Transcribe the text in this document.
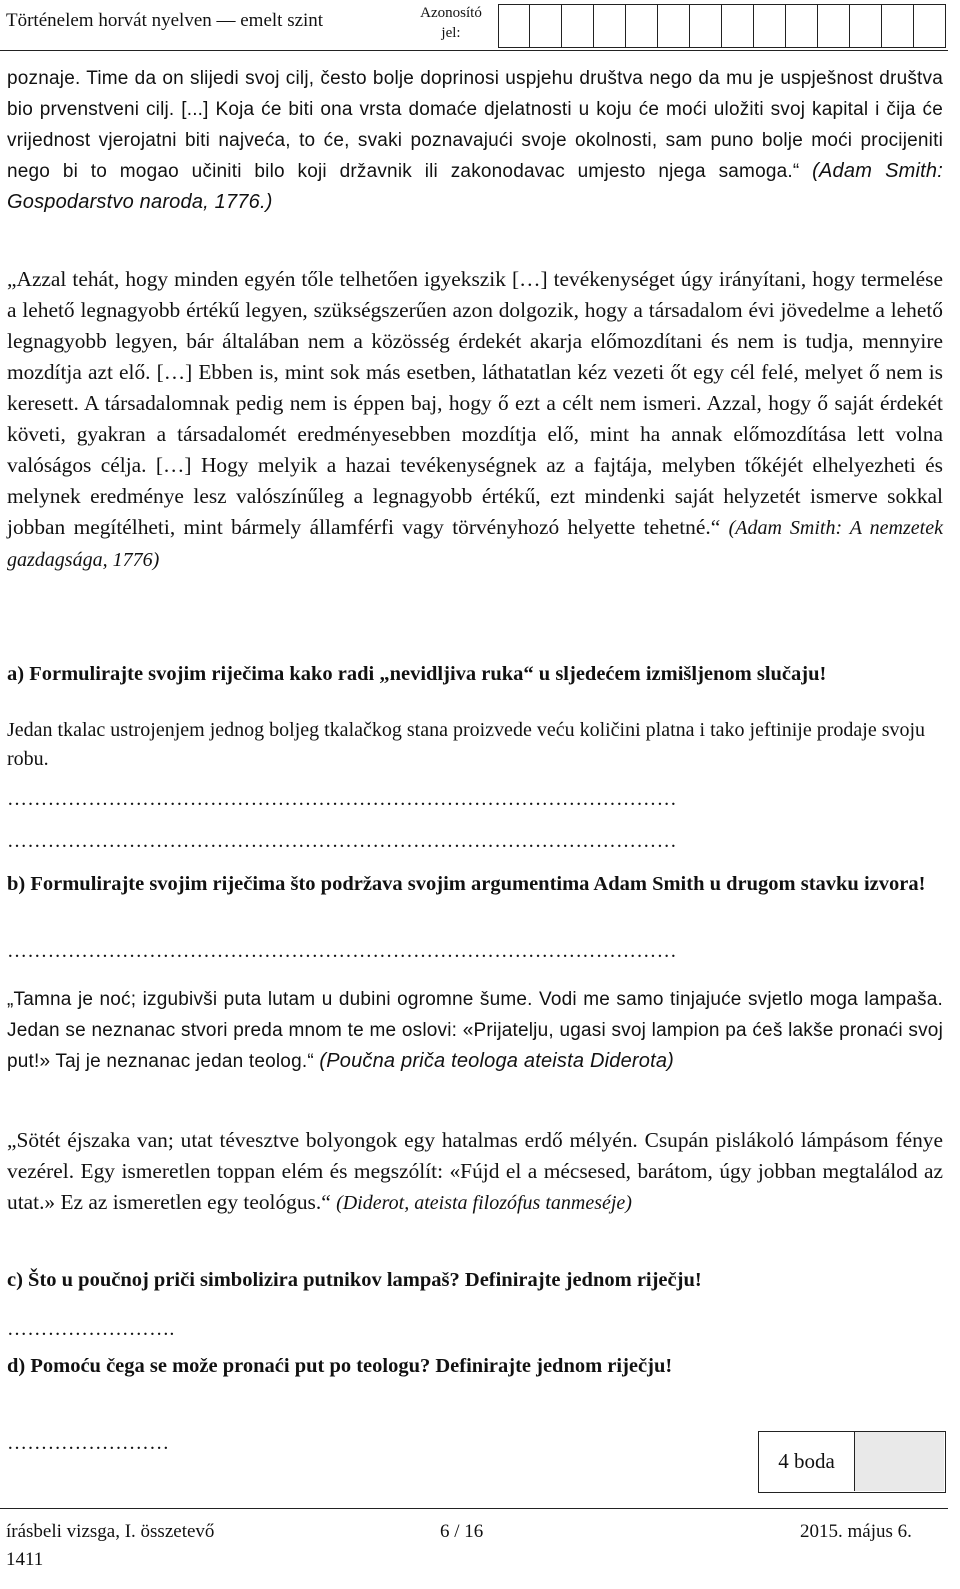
Történelem horvát nyelven — emelt szint	Azonosító jel:
poznaje. Time da on slijedi svoj cilj, često bolje doprinosi uspjehu društva nego da mu je uspješnost društva bio prvenstveni cilj. [...] Koja će biti ona vrsta domaće djelatnosti u koju će moći uložiti svoj kapital i čija će vrijednost vjerojatni biti najveća, to će, svaki poznavajući svoje okolnosti, sam puno bolje moći procijeniti nego bi to mogao učiniti bilo koji državnik ili zakonodavac umjesto njega samoga.“ (Adam Smith: Gospodarstvo naroda, 1776.)
„Azzal tehát, hogy minden egyén tőle telhetően igyekszik […] tevékenységet úgy irányítani, hogy termelése a lehető legnagyobb értékű legyen, szükségszerűen azon dolgozik, hogy a társadalom évi jövedelme a lehető legnagyobb legyen, bár általában nem a közösség érdekét akarja előmozdítani és nem is tudja, mennyire mozdítja azt elő. […] Ebben is, mint sok más esetben, láthatatlan kéz vezeti őt egy cél felé, melyet ő nem is keresett. A társadalomnak pedig nem is éppen baj, hogy ő ezt a célt nem ismeri. Azzal, hogy ő saját érdekét követi, gyakran a társadalomét eredményesebben mozdítja elő, mint ha annak előmozdítása lett volna valóságos célja. […] Hogy melyik a hazai tevékenységnek az a fajtája, melyben tőkéjét elhelyezheti és melynek eredménye lesz valószínűleg a legnagyobb értékű, ezt mindenki saját helyzetét ismerve sokkal jobban megítélheti, mint bármely államférfi vagy törvényhozó helyette tehetné.“ (Adam Smith: A nemzetek gazdagsága, 1776)
a) Formulirajte svojim riječima kako radi „nevidljiva ruka“ u sljedećem izmišljenom slučaju!
Jedan tkalac ustrojenjem jednog boljeg tkalačkog stana proizvede veću količini platna i tako jeftinije prodaje svoju robu.
………………………………………………………………………………………
………………………………………………………………………………………
b) Formulirajte svojim riječima što podržava svojim argumentima Adam Smith u drugom stavku izvora!
………………………………………………………………………………………
„Tamna je noć; izgubivši puta lutam u dubini ogromne šume. Vodi me samo tinjajuće svjetlo moga lampaša. Jedan se neznanac stvori preda mnom te me oslovi: «Prijatelju, ugasi svoj lampion pa ćeš lakše pronaći svoj put!» Taj je neznanac jedan teolog.“ (Poučna priča teologa ateista Diderota)
„Sötét éjszaka van; utat tévesztve bolyongok egy hatalmas erdő mélyén. Csupán pislákoló lámpásom fénye vezérel. Egy ismeretlen toppan elém és megszólít: «Fújd el a mécsesed, barátom, úgy jobban megtalálod az utat.» Ez az ismeretlen egy teológus.“ (Diderot, ateista filozófus tanmeséje)
c) Što u poučnoj priči simbolizira putnikov lampaš? Definirajte jednom riječju!
…………………….
d) Pomoću čega se može pronaći put po teologu? Definirajte jednom riječju!
……………………
4 boda
írásbeli vizsga, I. összetevő	6 / 16	2015. május 6.
1411
